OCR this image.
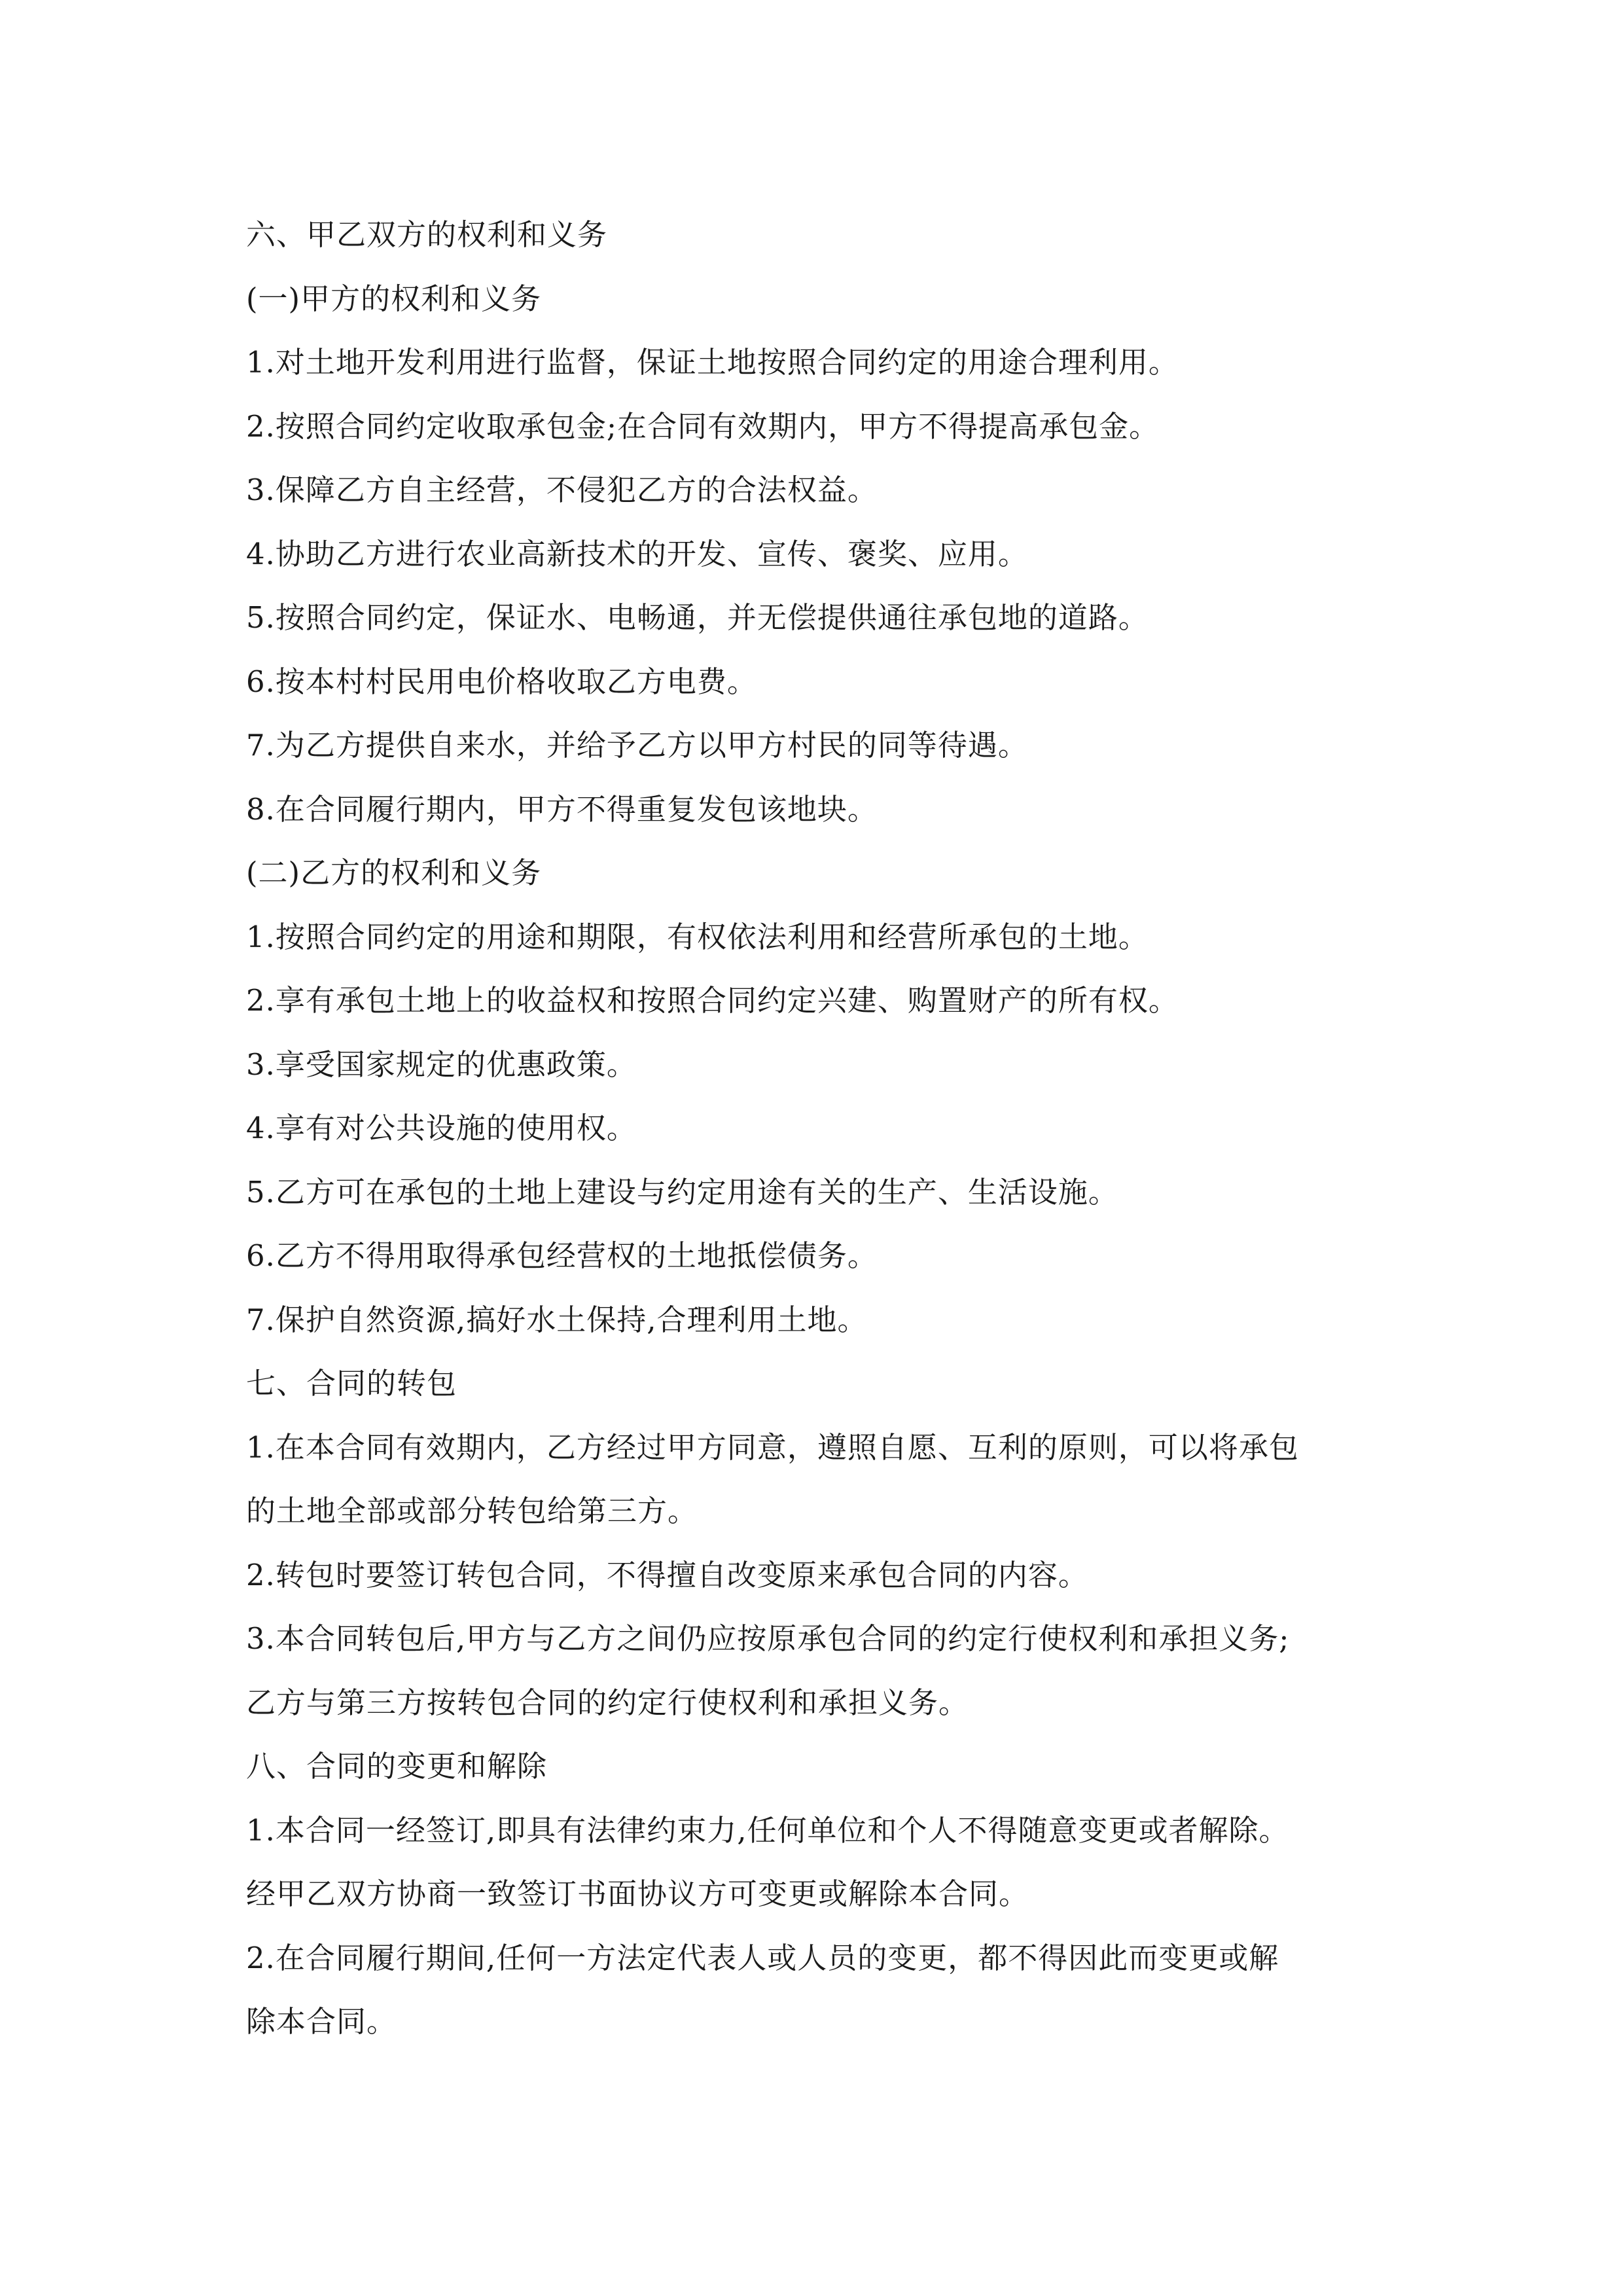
六、甲乙双方的权利和义务
(一)甲方的权利和义务
1.对土地开发利用进行监督，保证土地按照合同约定的用途合理利用。
2.按照合同约定收取承包金;在合同有效期内，甲方不得提高承包金。
3.保障乙方自主经营，不侵犯乙方的合法权益。
4.协助乙方进行农业高新技术的开发、宣传、褒奖、应用。
5.按照合同约定，保证水、电畅通，并无偿提供通往承包地的道路。
6.按本村村民用电价格收取乙方电费。
7.为乙方提供自来水，并给予乙方以甲方村民的同等待遇。
8.在合同履行期内，甲方不得重复发包该地块。
(二)乙方的权利和义务
1.按照合同约定的用途和期限，有权依法利用和经营所承包的土地。
2.享有承包土地上的收益权和按照合同约定兴建、购置财产的所有权。
3.享受国家规定的优惠政策。
4.享有对公共设施的使用权。
5.乙方可在承包的土地上建设与约定用途有关的生产、生活设施。
6.乙方不得用取得承包经营权的土地抵偿债务。
7.保护自然资源,搞好水土保持,合理利用土地。
七、合同的转包
1.在本合同有效期内，乙方经过甲方同意，遵照自愿、互利的原则，可以将承包
的土地全部或部分转包给第三方。
2.转包时要签订转包合同，不得擅自改变原来承包合同的内容。
3.本合同转包后,甲方与乙方之间仍应按原承包合同的约定行使权利和承担义务;
乙方与第三方按转包合同的约定行使权利和承担义务。
八、合同的变更和解除
1.本合同一经签订,即具有法律约束力,任何单位和个人不得随意变更或者解除。
经甲乙双方协商一致签订书面协议方可变更或解除本合同。
2.在合同履行期间,任何一方法定代表人或人员的变更，都不得因此而变更或解
除本合同。
